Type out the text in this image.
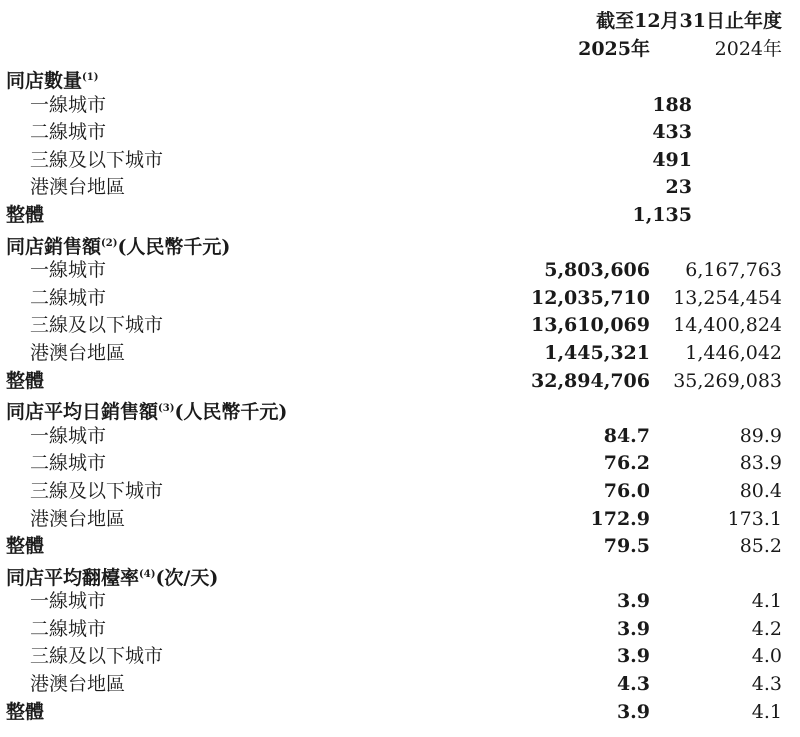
截至12月31日止年度
2025年	2024年
同店數量$^{(1)}$
一線城市	188
二線城市	433
三線及以下城市	491
港澳台地區	23
整體	1,135
同店銷售額$^{(2)}$(人民幣千元)
一線城市	5,803,606 6,167,763
二線城市	12,035,710 13,254,454
三線及以下城市	13,610,069 14,400,824
港澳台地區	1,445,321 1,446,042
整體	32,894,706 35,269,083
同店平均日銷售額$^{(3)}$(人民幣千元)
一線城市	84.7	89.9
二線城市	76.2	83.9
三線及以下城市	76.0	80.4
港澳台地區	172.9	173.1
整體	79.5	85.2
同店平均翻檯率$^{(4)}$(次/天)
一線城市	3.9	4.1
二線城市	3.9	4.2
三線及以下城市	3.9	4.0
港澳台地區	4.3	4.3
整體	3.9	4.1
